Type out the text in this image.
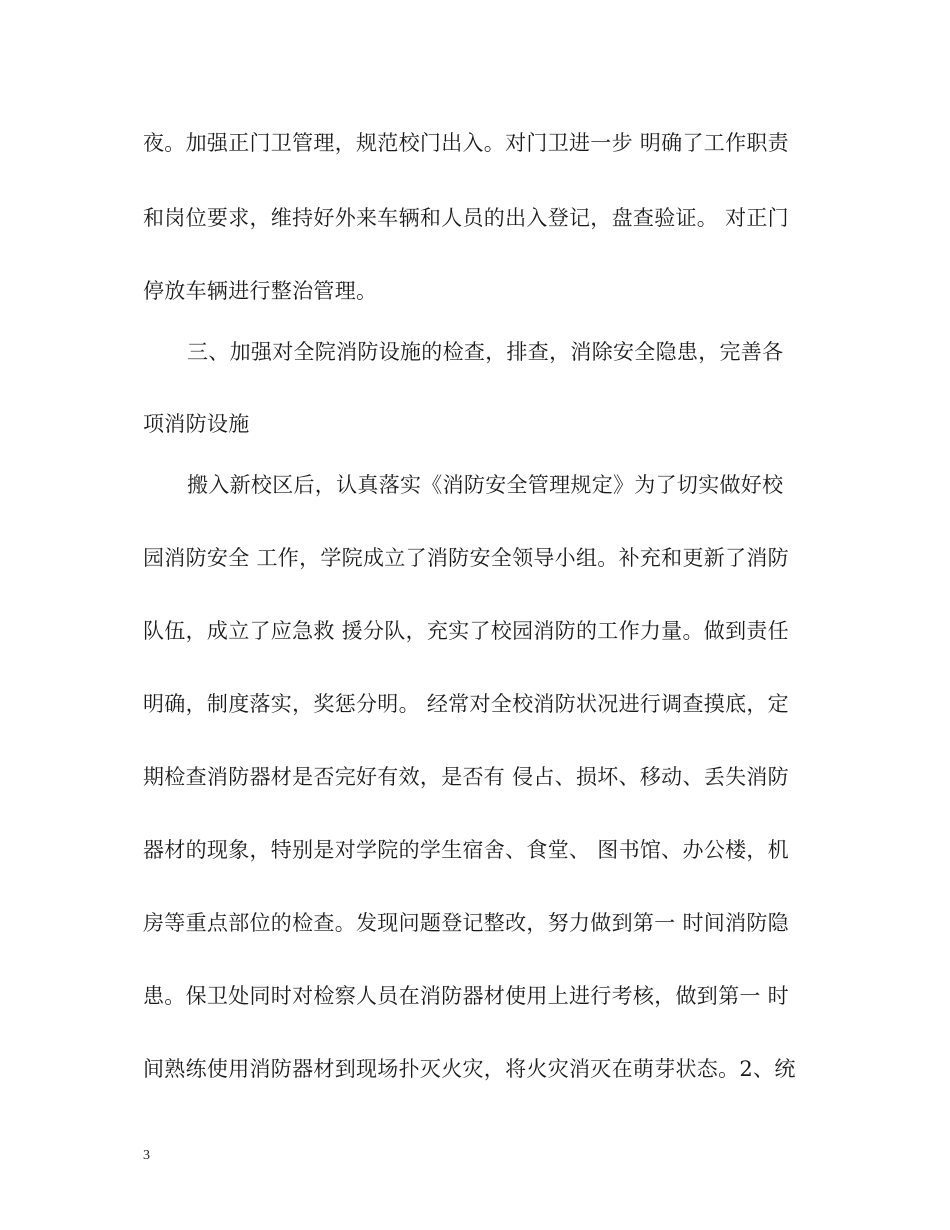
夜。加强正门卫管理，规范校门出入。对门卫进一步 明确了工作职责
和岗位要求，维持好外来车辆和人员的出入登记，盘查验证。 对正门
停放车辆进行整治管理。
三、加强对全院消防设施的检查，排查，消除安全隐患，完善各
项消防设施
搬入新校区后，认真落实《消防安全管理规定》为了切实做好校
园消防安全 工作，学院成立了消防安全领导小组。补充和更新了消防
队伍，成立了应急救 援分队，充实了校园消防的工作力量。做到责任
明确，制度落实，奖惩分明。 经常对全校消防状况进行调查摸底，定
期检查消防器材是否完好有效，是否有 侵占、损坏、移动、丢失消防
器材的现象，特别是对学院的学生宿舍、食堂、 图书馆、办公楼，机
房等重点部位的检查。发现问题登记整改，努力做到第一 时间消防隐
患。保卫处同时对检察人员在消防器材使用上进行考核，做到第一 时
间熟练使用消防器材到现场扑灭火灾，将火灾消灭在萌芽状态。2、统
3
